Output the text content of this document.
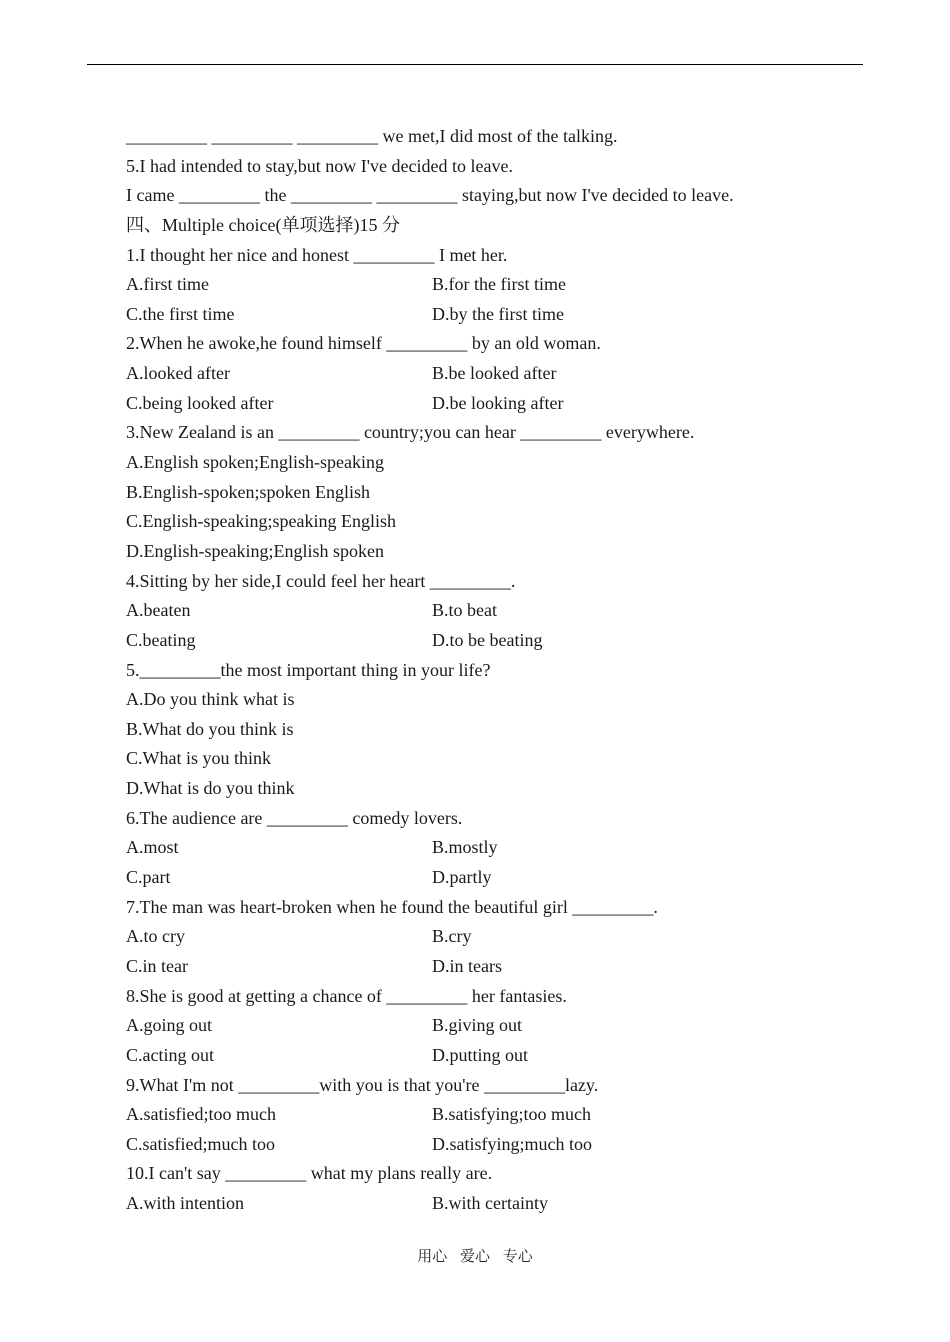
_________ _________ _________ we met,I did most of the talking.
5.I had intended to stay,but now I've decided to leave.
I came _________ the _________ _________ staying,but now I've decided to leave.
四、Multiple choice(单项选择)15 分
1.I thought her nice and honest _________ I met her.
A.first time	B.for the first time
C.the first time	D.by the first time
2.When he awoke,he found himself _________ by an old woman.
A.looked after	B.be looked after
C.being looked after	D.be looking after
3.New Zealand is an _________ country;you can hear _________ everywhere.
A.English spoken;English-speaking
B.English-spoken;spoken English
C.English-speaking;speaking English
D.English-speaking;English spoken
4.Sitting by her side,I could feel her heart _________.
A.beaten	B.to beat
C.beating	D.to be beating
5._________the most important thing in your life?
A.Do you think what is
B.What do you think is
C.What is you think
D.What is do you think
6.The audience are _________ comedy lovers.
A.most	B.mostly
C.part	D.partly
7.The man was heart-broken when he found the beautiful girl _________.
A.to cry	B.cry
C.in tear	D.in tears
8.She is good at getting a chance of _________ her fantasies.
A.going out	B.giving out
C.acting out	D.putting out
9.What I'm not _________with you is that you're _________lazy.
A.satisfied;too much	B.satisfying;too much
C.satisfied;much too	D.satisfying;much too
10.I can't say _________ what my plans really are.
A.with intention	B.with certainty
用心 爱心 专心
